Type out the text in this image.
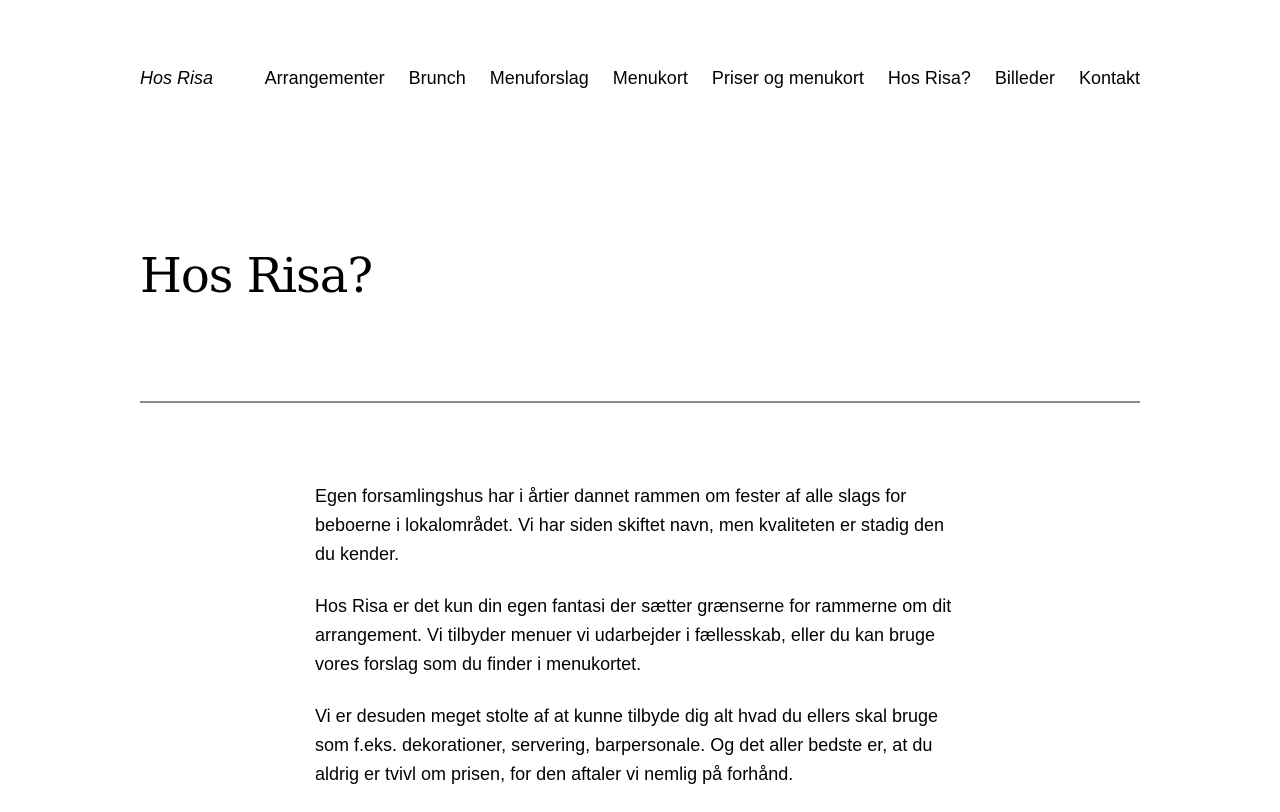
Hos Risa	Arrangementer Brunch Menuforslag Menukort Priser og menukort Hos Risa? Billeder Kontakt
Hos Risa?

Egen forsamlingshus har i årtier dannet rammen om fester af alle slags for beboerne i lokalområdet. Vi har siden skiftet navn, men kvaliteten er stadig den du kender.

Hos Risa er det kun din egen fantasi der sætter grænserne for rammerne om dit arrangement. Vi tilbyder menuer vi udarbejder i fællesskab, eller du kan bruge vores forslag som du finder i menukortet.

Vi er desuden meget stolte af at kunne tilbyde dig alt hvad du ellers skal bruge som f.eks. dekorationer, servering, barpersonale. Og det aller bedste er, at du aldrig er tvivl om prisen, for den aftaler vi nemlig på forhånd.
